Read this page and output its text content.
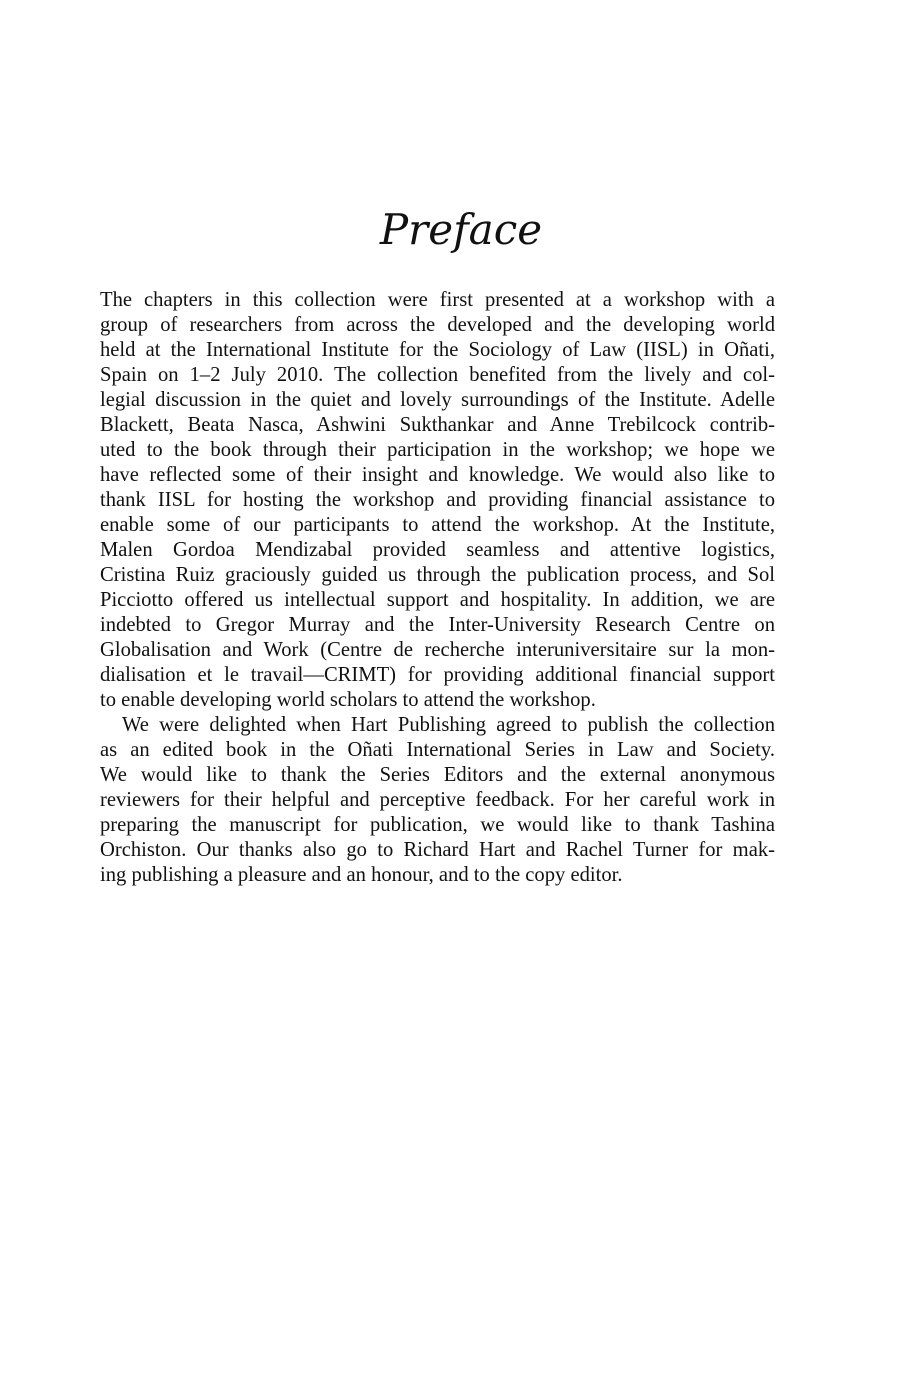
Preface
The chapters in this collection were first presented at a workshop with a
group of researchers from across the developed and the developing world
held at the International Institute for the Sociology of Law (IISL) in Oñati,
Spain on 1–2 July 2010. The collection benefited from the lively and col-
legial discussion in the quiet and lovely surroundings of the Institute. Adelle
Blackett, Beata Nasca, Ashwini Sukthankar and Anne Trebilcock contrib-
uted to the book through their participation in the workshop; we hope we
have reflected some of their insight and knowledge. We would also like to
thank IISL for hosting the workshop and providing financial assistance to
enable some of our participants to attend the workshop. At the Institute,
Malen Gordoa Mendizabal provided seamless and attentive logistics,
Cristina Ruiz graciously guided us through the publication process, and Sol
Picciotto offered us intellectual support and hospitality. In addition, we are
indebted to Gregor Murray and the Inter-University Research Centre on
Globalisation and Work (Centre de recherche interuniversitaire sur la mon-
dialisation et le travail—CRIMT) for providing additional financial support
to enable developing world scholars to attend the workshop.
We were delighted when Hart Publishing agreed to publish the collection
as an edited book in the Oñati International Series in Law and Society.
We would like to thank the Series Editors and the external anonymous
reviewers for their helpful and perceptive feedback. For her careful work in
preparing the manuscript for publication, we would like to thank Tashina
Orchiston. Our thanks also go to Richard Hart and Rachel Turner for mak-
ing publishing a pleasure and an honour, and to the copy editor.
